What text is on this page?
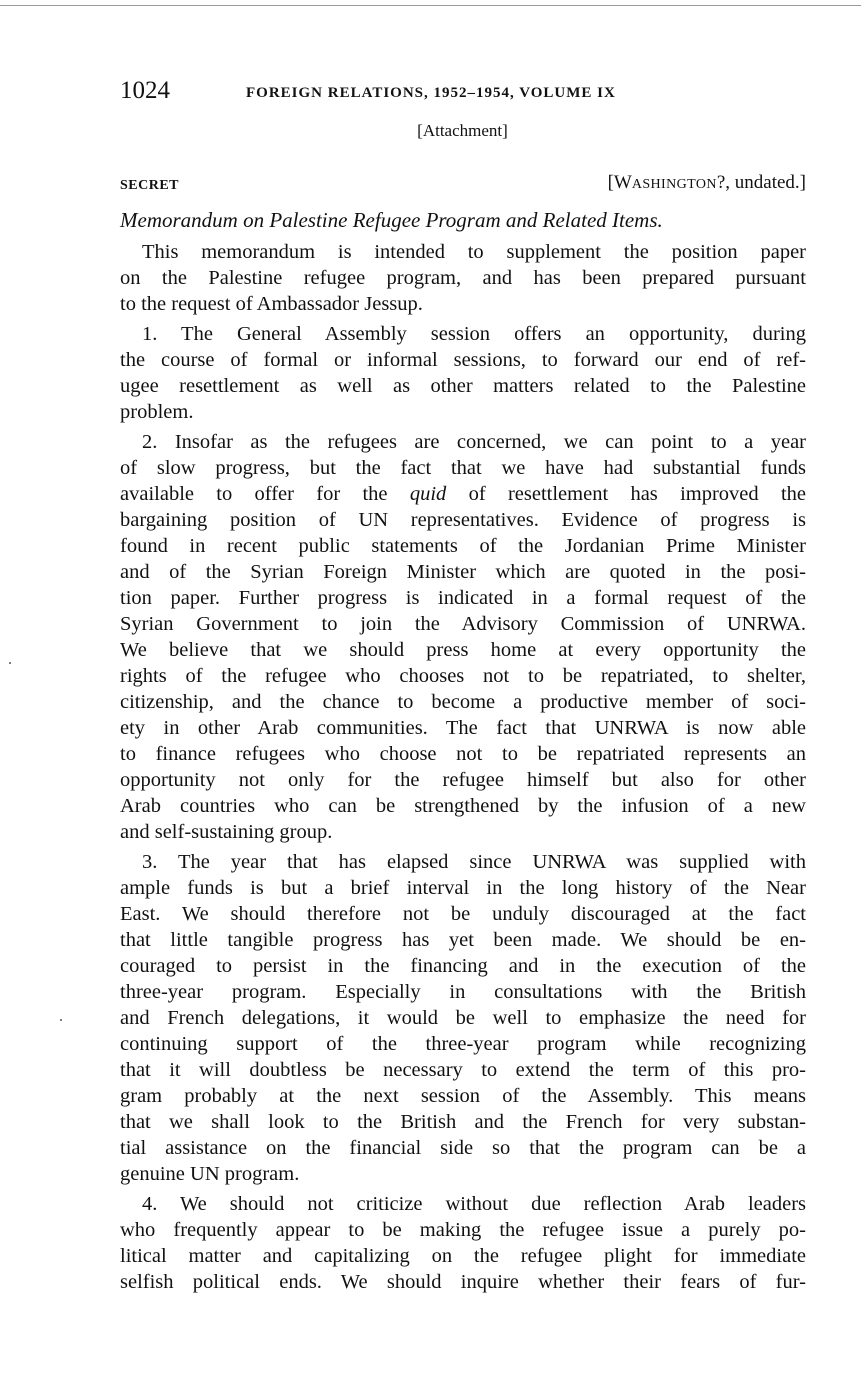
1024	FOREIGN RELATIONS, 1952–1954, VOLUME IX
[Attachment]
SECRET	[WASHINGTON?, undated.]
Memorandum on Palestine Refugee Program and Related Items.
This memorandum is intended to supplement the position paper
on the Palestine refugee program, and has been prepared pursuant
to the request of Ambassador Jessup.
1. The General Assembly session offers an opportunity, during
the course of formal or informal sessions, to forward our end of ref-
ugee resettlement as well as other matters related to the Palestine
problem.
2. Insofar as the refugees are concerned, we can point to a year
of slow progress, but the fact that we have had substantial funds
available to offer for the quid of resettlement has improved the
bargaining position of UN representatives. Evidence of progress is
found in recent public statements of the Jordanian Prime Minister
and of the Syrian Foreign Minister which are quoted in the posi-
tion paper. Further progress is indicated in a formal request of the
Syrian Government to join the Advisory Commission of UNRWA.
We believe that we should press home at every opportunity the
rights of the refugee who chooses not to be repatriated, to shelter,
citizenship, and the chance to become a productive member of soci-
ety in other Arab communities. The fact that UNRWA is now able
to finance refugees who choose not to be repatriated represents an
opportunity not only for the refugee himself but also for other
Arab countries who can be strengthened by the infusion of a new
and self-sustaining group.
3. The year that has elapsed since UNRWA was supplied with
ample funds is but a brief interval in the long history of the Near
East. We should therefore not be unduly discouraged at the fact
that little tangible progress has yet been made. We should be en-
couraged to persist in the financing and in the execution of the
three-year program. Especially in consultations with the British
and French delegations, it would be well to emphasize the need for
continuing support of the three-year program while recognizing
that it will doubtless be necessary to extend the term of this pro-
gram probably at the next session of the Assembly. This means
that we shall look to the British and the French for very substan-
tial assistance on the financial side so that the program can be a
genuine UN program.
4. We should not criticize without due reflection Arab leaders
who frequently appear to be making the refugee issue a purely po-
litical matter and capitalizing on the refugee plight for immediate
selfish political ends. We should inquire whether their fears of fur-
